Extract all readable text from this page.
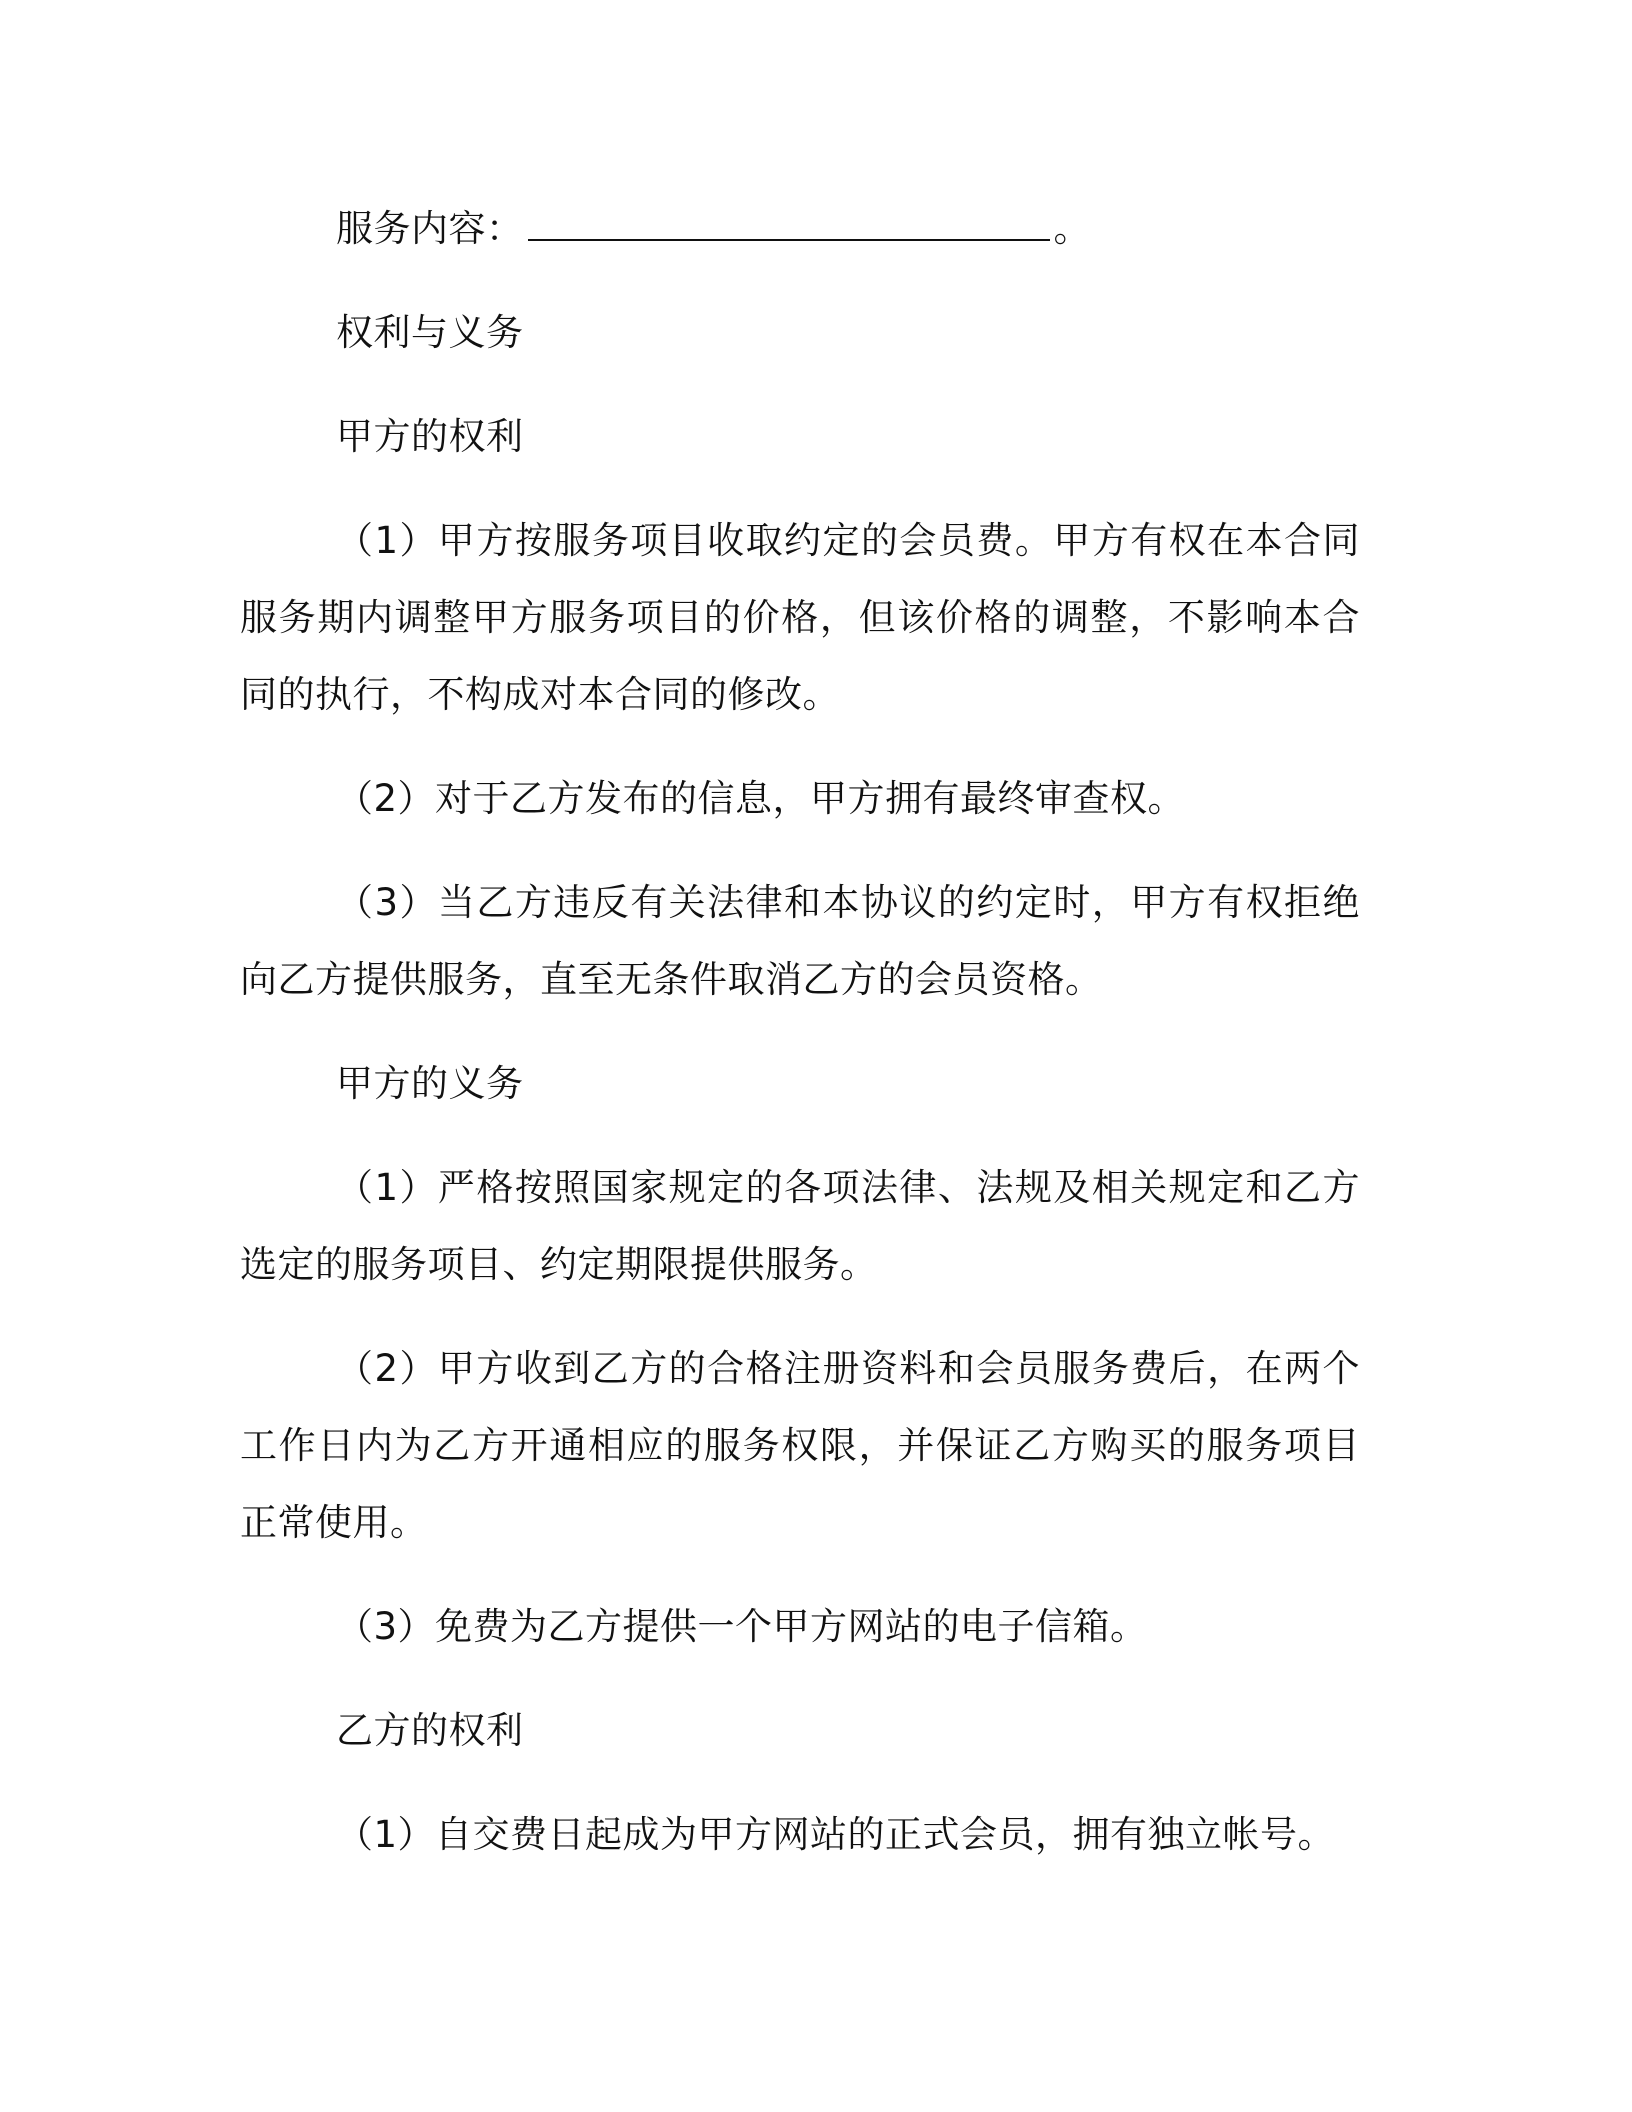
服务内容：	。

权利与义务

甲方的权利

（1）甲方按服务项目收取约定的会员费。甲方有权在本合同服务期内调整甲方服务项目的价格，但该价格的调整，不影响本合同的执行，不构成对本合同的修改。

（2）对于乙方发布的信息，甲方拥有最终审查权。

（3）当乙方违反有关法律和本协议的约定时，甲方有权拒绝向乙方提供服务，直至无条件取消乙方的会员资格。

甲方的义务

（1）严格按照国家规定的各项法律、法规及相关规定和乙方选定的服务项目、约定期限提供服务。

（2）甲方收到乙方的合格注册资料和会员服务费后，在两个工作日内为乙方开通相应的服务权限，并保证乙方购买的服务项目正常使用。

（3）免费为乙方提供一个甲方网站的电子信箱。

乙方的权利

（1）自交费日起成为甲方网站的正式会员，拥有独立帐号。
